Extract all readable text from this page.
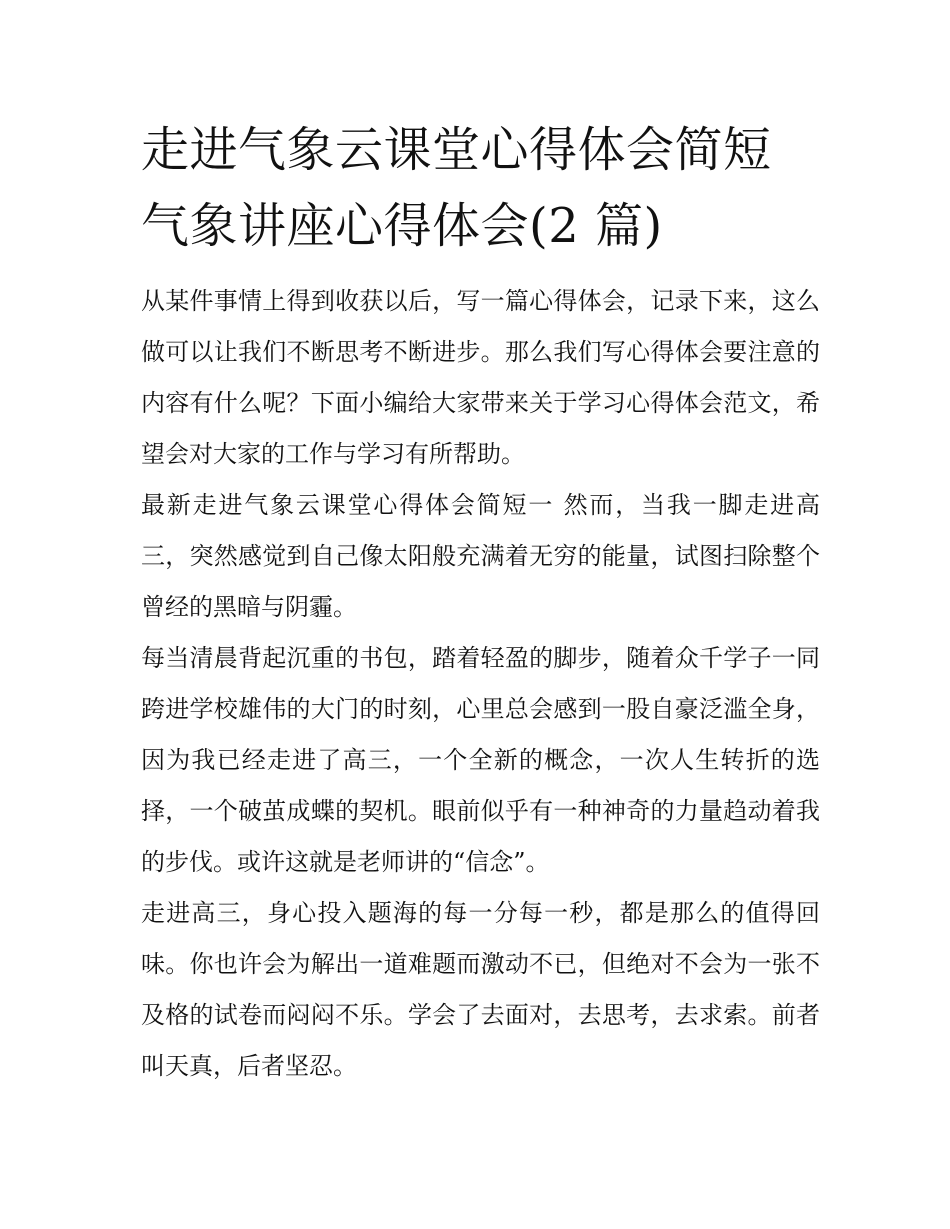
走进气象云课堂心得体会简短
气象讲座心得体会(2 篇)

从某件事情上得到收获以后，写一篇心得体会，记录下来，这么做可以让我们不断思考不断进步。那么我们写心得体会要注意的内容有什么呢？下面小编给大家带来关于学习心得体会范文，希望会对大家的工作与学习有所帮助。

最新走进气象云课堂心得体会简短一 然而，当我一脚走进高三，突然感觉到自己像太阳般充满着无穷的能量，试图扫除整个曾经的黑暗与阴霾。

每当清晨背起沉重的书包，踏着轻盈的脚步，随着众千学子一同跨进学校雄伟的大门的时刻，心里总会感到一股自豪泛滥全身，因为我已经走进了高三，一个全新的概念，一次人生转折的选择，一个破茧成蝶的契机。眼前似乎有一种神奇的力量趋动着我的步伐。或许这就是老师讲的“信念”。

走进高三，身心投入题海的每一分每一秒，都是那么的值得回味。你也许会为解出一道难题而激动不已，但绝对不会为一张不及格的试卷而闷闷不乐。学会了去面对，去思考，去求索。前者叫天真，后者坚忍。
